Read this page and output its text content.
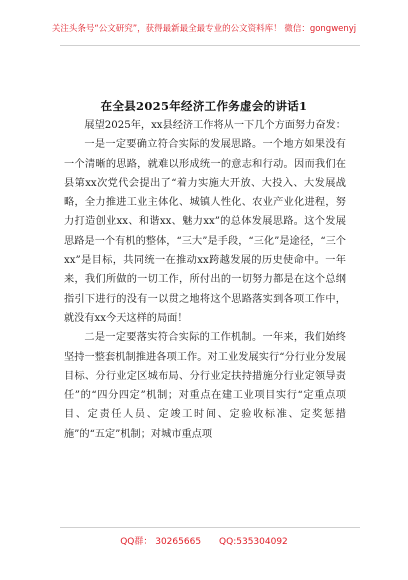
关注头条号“公文研究”，获得最新最全最专业的公文资料库！ 微信：gongwenyj
在全县2025年经济工作务虚会的讲话1

展望2025年，xx县经济工作将从一下几个方面努力奋发：

一是一定要确立符合实际的发展思路。一个地方如果没有一个清晰的思路，就难以形成统一的意志和行动。因而我们在县第xx次党代会提出了“着力实施大开放、大投入、大发展战略，全力推进工业主体化、城镇人性化、农业产业化进程，努力打造创业xx、和谐xx、魅力xx”的总体发展思路。这个发展思路是一个有机的整体，“三大”是手段，“三化”是途径，“三个xx”是目标，共同统一在推动xx跨越发展的历史使命中。一年来，我们所做的一切工作，所付出的一切努力都是在这个总纲指引下进行的没有一以贯之地将这个思路落实到各项工作中，就没有xx今天这样的局面！

二是一定要落实符合实际的工作机制。一年来，我们始终坚持一整套机制推进各项工作。对工业发展实行“分行业分发展目标、分行业定区城布局、分行业定扶持措施分行业定领导责任”的“四分四定”机制；对重点在建工业项目实行“定重点项目、定责任人员、定竣工时间、定验收标准、定奖惩措施”的“五定”机制；对城市重点项

QQ群： 30265665 QQ:535304092
